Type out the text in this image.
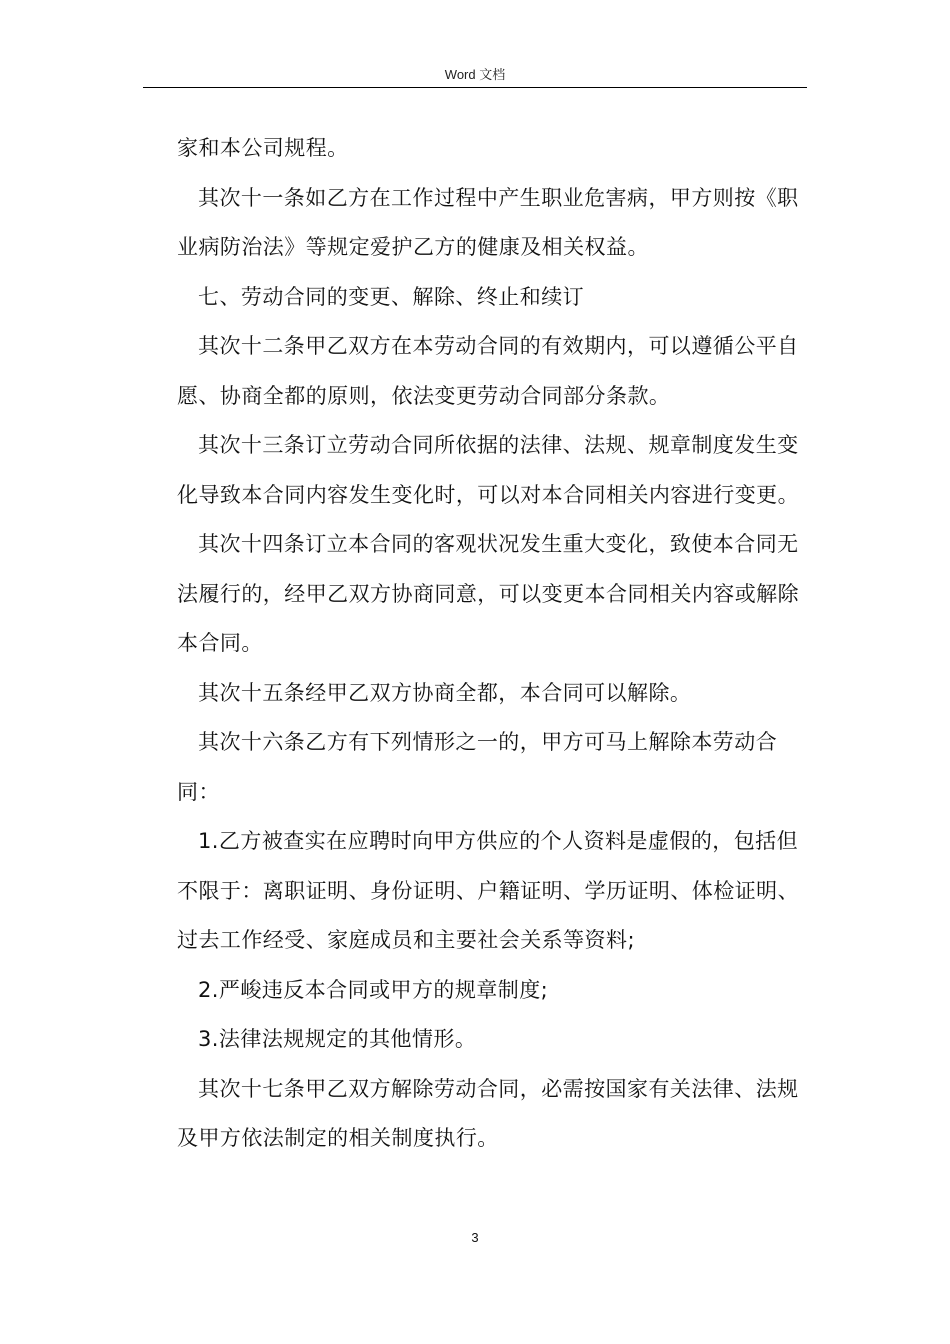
Word 文档

家和本公司规程。

其次十一条如乙方在工作过程中产生职业危害病，甲方则按《职业病防治法》等规定爱护乙方的健康及相关权益。

七、劳动合同的变更、解除、终止和续订

其次十二条甲乙双方在本劳动合同的有效期内，可以遵循公平自愿、协商全都的原则，依法变更劳动合同部分条款。

其次十三条订立劳动合同所依据的法律、法规、规章制度发生变化导致本合同内容发生变化时，可以对本合同相关内容进行变更。

其次十四条订立本合同的客观状况发生重大变化，致使本合同无法履行的，经甲乙双方协商同意，可以变更本合同相关内容或解除本合同。

其次十五条经甲乙双方协商全都，本合同可以解除。

其次十六条乙方有下列情形之一的，甲方可马上解除本劳动合同：

1.乙方被查实在应聘时向甲方供应的个人资料是虚假的，包括但不限于：离职证明、身份证明、户籍证明、学历证明、体检证明、过去工作经受、家庭成员和主要社会关系等资料;

2.严峻违反本合同或甲方的规章制度;

3.法律法规规定的其他情形。

其次十七条甲乙双方解除劳动合同，必需按国家有关法律、法规及甲方依法制定的相关制度执行。

3
